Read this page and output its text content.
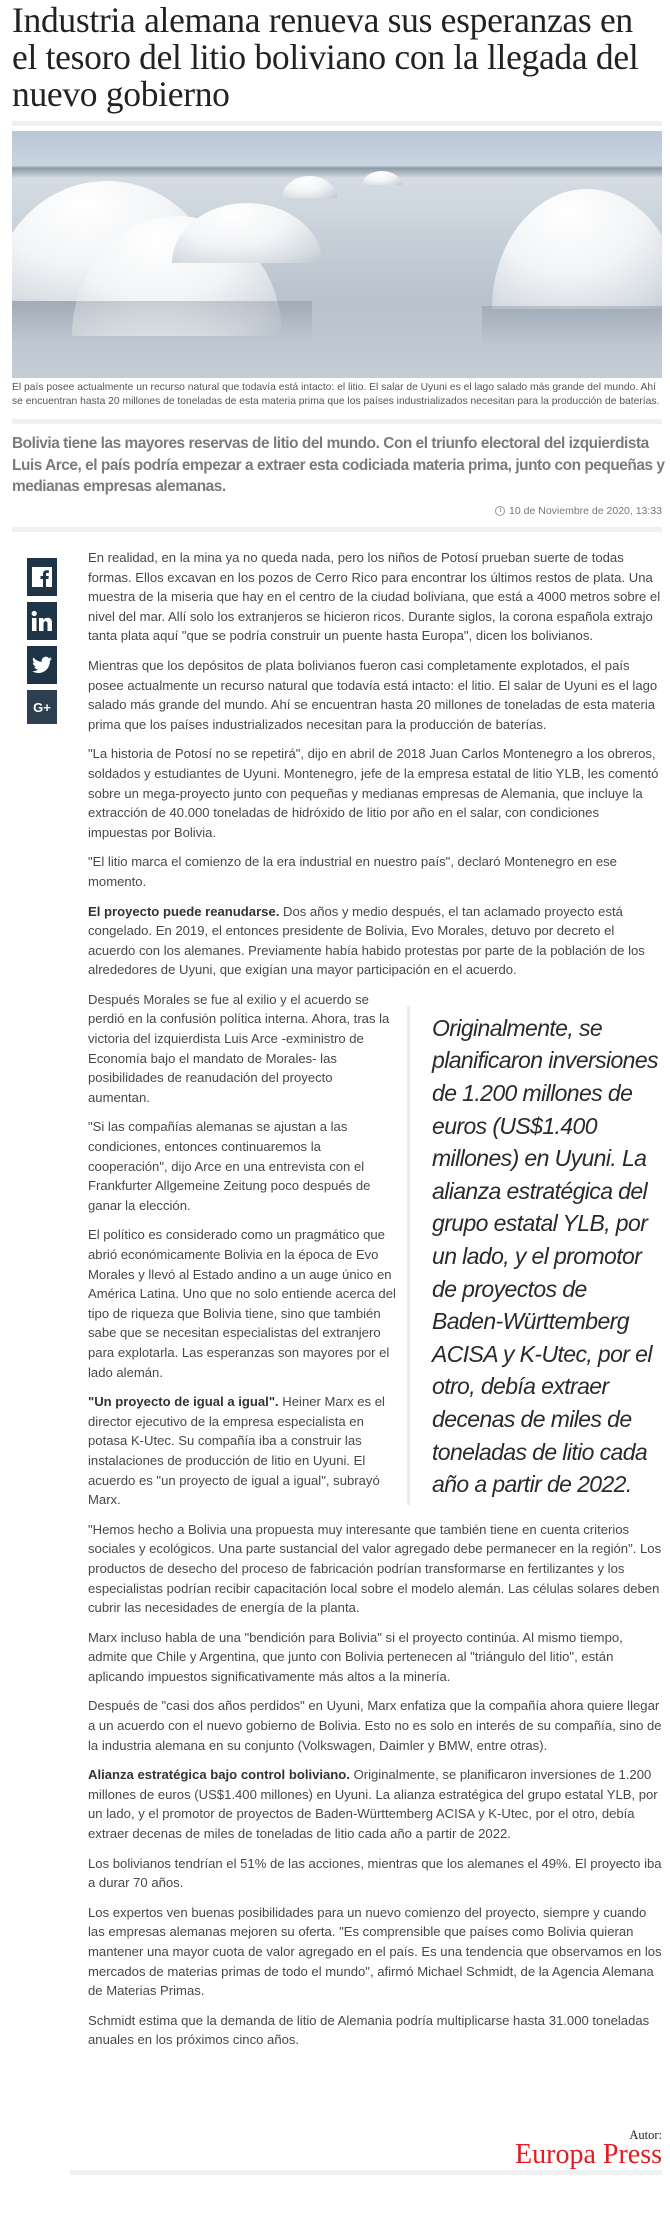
Industria alemana renueva sus esperanzas en el tesoro del litio boliviano con la llegada del nuevo gobierno

El país posee actualmente un recurso natural que todavía está intacto: el litio. El salar de Uyuni es el lago salado más grande del mundo. Ahí se encuentran hasta 20 millones de toneladas de esta materia prima que los países industrializados necesitan para la producción de baterías.

Bolivia tiene las mayores reservas de litio del mundo. Con el triunfo electoral del izquierdista Luis Arce, el país podría empezar a extraer esta codiciada materia prima, junto con pequeñas y medianas empresas alemanas.

10 de Noviembre de 2020, 13:33
G+

En realidad, en la mina ya no queda nada, pero los niños de Potosí prueban suerte de todas formas. Ellos excavan en los pozos de Cerro Rico para encontrar los últimos restos de plata. Una muestra de la miseria que hay en el centro de la ciudad boliviana, que está a 4000 metros sobre el nivel del mar. Allí solo los extranjeros se hicieron ricos. Durante siglos, la corona española extrajo tanta plata aquí "que se podría construir un puente hasta Europa", dicen los bolivianos.

Mientras que los depósitos de plata bolivianos fueron casi completamente explotados, el país posee actualmente un recurso natural que todavía está intacto: el litio. El salar de Uyuni es el lago salado más grande del mundo. Ahí se encuentran hasta 20 millones de toneladas de esta materia prima que los países industrializados necesitan para la producción de baterías.

"La historia de Potosí no se repetirá", dijo en abril de 2018 Juan Carlos Montenegro a los obreros, soldados y estudiantes de Uyuni. Montenegro, jefe de la empresa estatal de litio YLB, les comentó sobre un mega-proyecto junto con pequeñas y medianas empresas de Alemania, que incluye la extracción de 40.000 toneladas de hidróxido de litio por año en el salar, con condiciones impuestas por Bolivia.

"El litio marca el comienzo de la era industrial en nuestro país", declaró Montenegro en ese momento.

El proyecto puede reanudarse. Dos años y medio después, el tan aclamado proyecto está congelado. En 2019, el entonces presidente de Bolivia, Evo Morales, detuvo por decreto el acuerdo con los alemanes. Previamente había habido protestas por parte de la población de los alrededores de Uyuni, que exigían una mayor participación en el acuerdo.

Originalmente, se planificaron inversiones de 1.200 millones de euros (US$1.400 millones) en Uyuni. La alianza estratégica del grupo estatal YLB, por un lado, y el promotor de proyectos de Baden-Württemberg ACISA y K-Utec, por el otro, debía extraer decenas de miles de toneladas de litio cada año a partir de 2022.

Después Morales se fue al exilio y el acuerdo se perdió en la confusión política interna. Ahora, tras la victoria del izquierdista Luis Arce -exministro de Economía bajo el mandato de Morales- las posibilidades de reanudación del proyecto aumentan.

"Si las compañías alemanas se ajustan a las condiciones, entonces continuaremos la cooperación", dijo Arce en una entrevista con el Frankfurter Allgemeine Zeitung poco después de ganar la elección.

El político es considerado como un pragmático que abrió económicamente Bolivia en la época de Evo Morales y llevó al Estado andino a un auge único en América Latina. Uno que no solo entiende acerca del tipo de riqueza que Bolivia tiene, sino que también sabe que se necesitan especialistas del extranjero para explotarla. Las esperanzas son mayores por el lado alemán.

"Un proyecto de igual a igual". Heiner Marx es el director ejecutivo de la empresa especialista en potasa K-Utec. Su compañía iba a construir las instalaciones de producción de litio en Uyuni. El acuerdo es "un proyecto de igual a igual", subrayó Marx.

"Hemos hecho a Bolivia una propuesta muy interesante que también tiene en cuenta criterios sociales y ecológicos. Una parte sustancial del valor agregado debe permanecer en la región". Los productos de desecho del proceso de fabricación podrían transformarse en fertilizantes y los especialistas podrían recibir capacitación local sobre el modelo alemán. Las células solares deben cubrir las necesidades de energía de la planta.

Marx incluso habla de una "bendición para Bolivia" si el proyecto continúa. Al mismo tiempo, admite que Chile y Argentina, que junto con Bolivia pertenecen al "triángulo del litio", están aplicando impuestos significativamente más altos a la minería.

Después de "casi dos años perdidos" en Uyuni, Marx enfatiza que la compañía ahora quiere llegar a un acuerdo con el nuevo gobierno de Bolivia. Esto no es solo en interés de su compañía, sino de la industria alemana en su conjunto (Volkswagen, Daimler y BMW, entre otras).

Alianza estratégica bajo control boliviano. Originalmente, se planificaron inversiones de 1.200 millones de euros (US$1.400 millones) en Uyuni. La alianza estratégica del grupo estatal YLB, por un lado, y el promotor de proyectos de Baden-Württemberg ACISA y K-Utec, por el otro, debía extraer decenas de miles de toneladas de litio cada año a partir de 2022.

Los bolivianos tendrían el 51% de las acciones, mientras que los alemanes el 49%. El proyecto iba a durar 70 años.

Los expertos ven buenas posibilidades para un nuevo comienzo del proyecto, siempre y cuando las empresas alemanas mejoren su oferta. "Es comprensible que países como Bolivia quieran mantener una mayor cuota de valor agregado en el país. Es una tendencia que observamos en los mercados de materias primas de todo el mundo", afirmó Michael Schmidt, de la Agencia Alemana de Materias Primas.

Schmidt estima que la demanda de litio de Alemania podría multiplicarse hasta 31.000 toneladas anuales en los próximos cinco años.

Autor:
Europa Press
